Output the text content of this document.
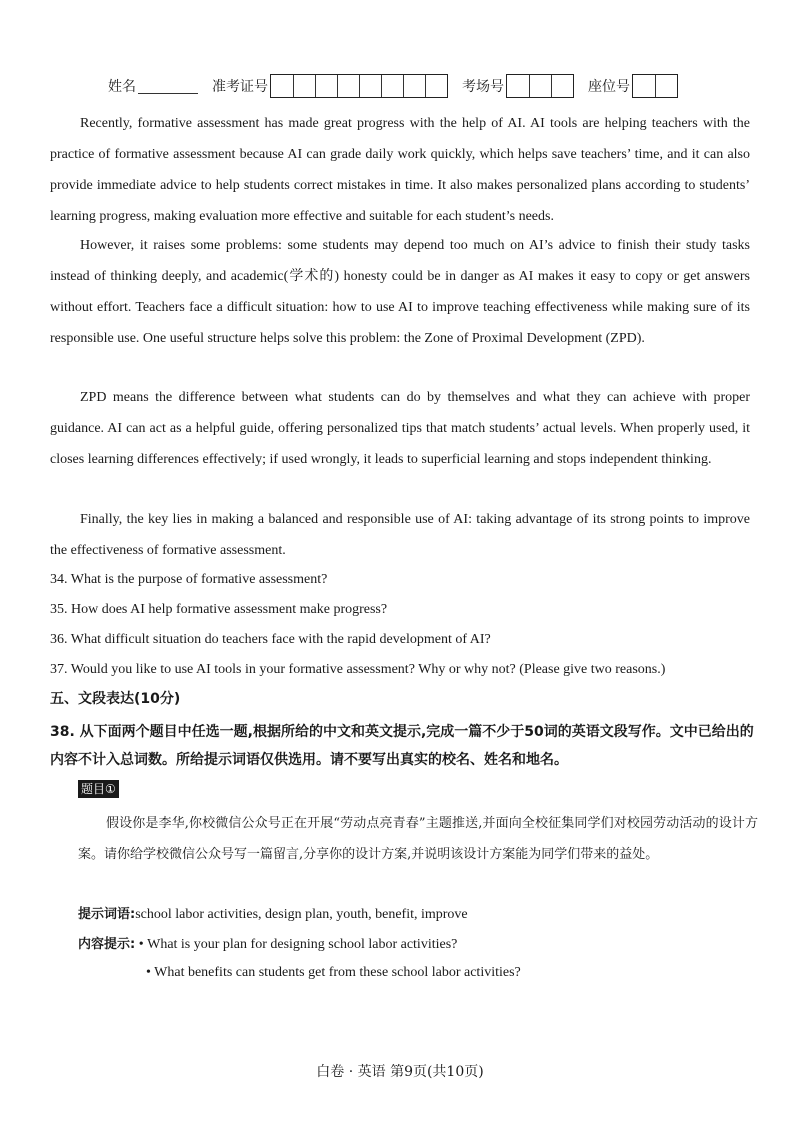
姓名	准考证号	考场号	座位号
Recently, formative assessment has made great progress with the help of AI. AI tools are helping teachers with the practice of formative assessment because AI can grade daily work quickly, which helps save teachers’ time, and it can also provide immediate advice to help students correct mistakes in time. It also makes personalized plans according to students’ learning progress, making evaluation more effective and suitable for each student’s needs.
However, it raises some problems: some students may depend too much on AI’s advice to finish their study tasks instead of thinking deeply, and academic(学术的) honesty could be in danger as AI makes it easy to copy or get answers without effort. Teachers face a difficult situation: how to use AI to improve teaching effectiveness while making sure of its responsible use. One useful structure helps solve this problem: the Zone of Proximal Development (ZPD).
ZPD means the difference between what students can do by themselves and what they can achieve with proper guidance. AI can act as a helpful guide, offering personalized tips that match students’ actual levels. When properly used, it closes learning differences effectively; if used wrongly, it leads to superficial learning and stops independent thinking.
Finally, the key lies in making a balanced and responsible use of AI: taking advantage of its strong points to improve the effectiveness of formative assessment.
34. What is the purpose of formative assessment?
35. How does AI help formative assessment make progress?
36. What difficult situation do teachers face with the rapid development of AI?
37. Would you like to use AI tools in your formative assessment? Why or why not? (Please give two reasons.)
五、文段表达(10分)
38. 从下面两个题目中任选一题,根据所给的中文和英文提示,完成一篇不少于50词的英语文段写作。文中已给出的内容不计入总词数。所给提示词语仅供选用。请不要写出真实的校名、姓名和地名。
题目①
假设你是李华,你校微信公众号正在开展“劳动点亮青春”主题推送,并面向全校征集同学们对校园劳动活动的设计方案。请你给学校微信公众号写一篇留言,分享你的设计方案,并说明该设计方案能为同学们带来的益处。
提示词语:school labor activities, design plan, youth, benefit, improve
内容提示: • What is your plan for designing school labor activities?
• What benefits can students get from these school labor activities?
白卷 · 英语 第9页(共10页)
